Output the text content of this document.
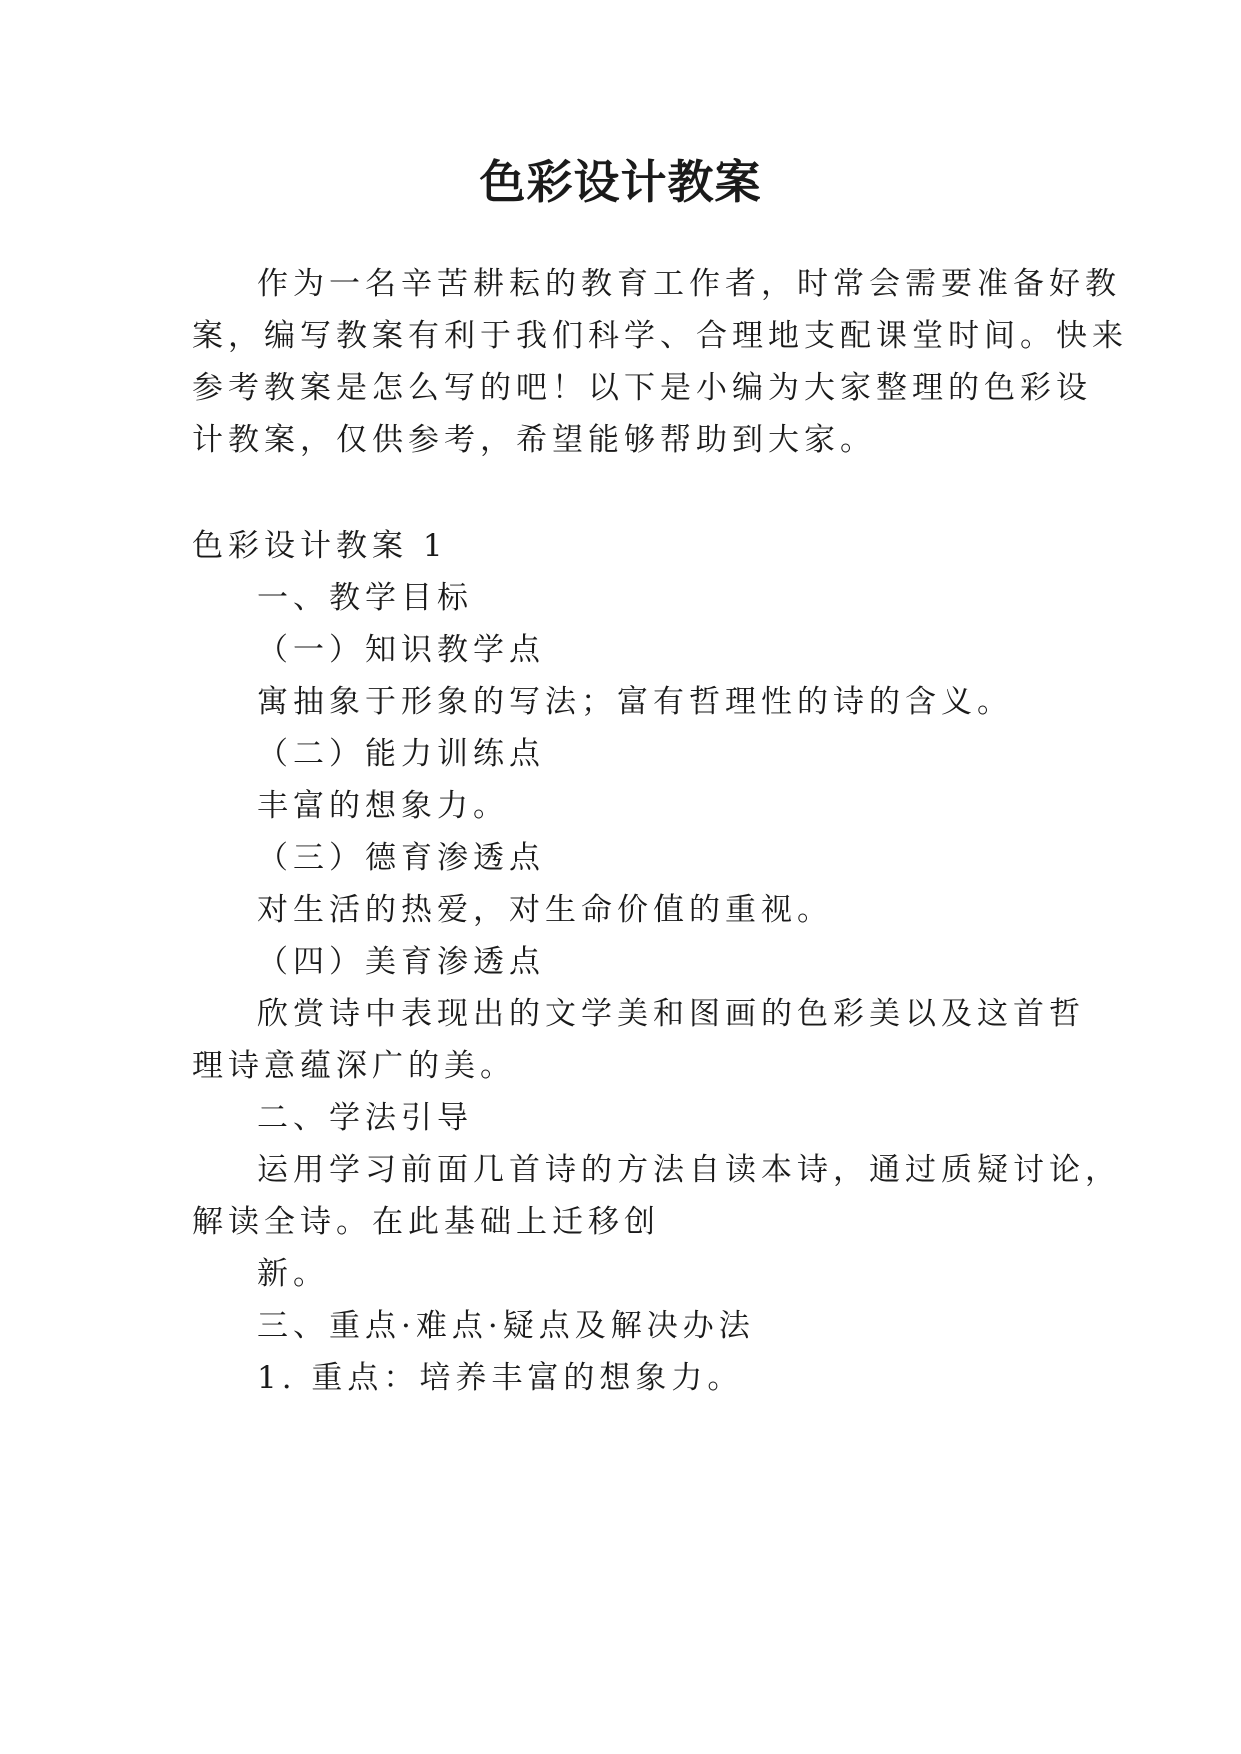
色彩设计教案
作为一名辛苦耕耘的教育工作者，时常会需要准备好教
案，编写教案有利于我们科学、合理地支配课堂时间。快来
参考教案是怎么写的吧！以下是小编为大家整理的色彩设
计教案，仅供参考，希望能够帮助到大家。
色彩设计教案 1
一、教学目标
（一）知识教学点
寓抽象于形象的写法；富有哲理性的诗的含义。
（二）能力训练点
丰富的想象力。
（三）德育渗透点
对生活的热爱，对生命价值的重视。
（四）美育渗透点
欣赏诗中表现出的文学美和图画的色彩美以及这首哲
理诗意蕴深广的美。
二、学法引导
运用学习前面几首诗的方法自读本诗，通过质疑讨论，
解读全诗。在此基础上迁移创
新。
三、重点·难点·疑点及解决办法
1. 重点：培养丰富的想象力。
